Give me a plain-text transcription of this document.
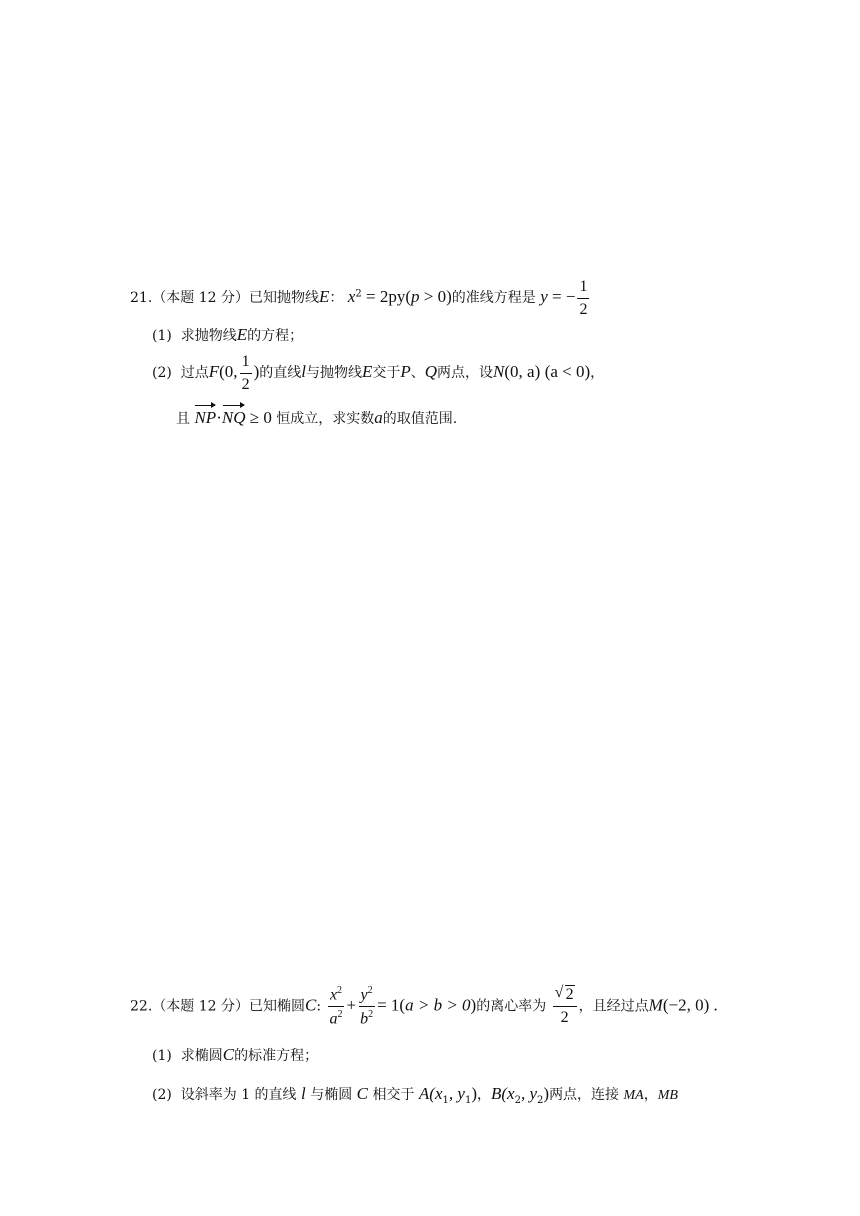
21.（本题 12 分）已知抛物线E： $x^2 = 2py(p > 0)$的准线方程是 y = − $\frac{1}{2}$
(1) 求抛物线E的方程；
(2) 过点F(0, $\frac{1}{2}$ )的直线l与抛物线E交于P、Q两点，设N(0, a) (a < 0)，
且 NP·NQ ≥ 0 恒成立，求实数a的取值范围.
22.（本题 12 分）已知椭圆C: $\frac{x^2}{a^2} + \frac{y^2}{b^2} = 1(a > b > 0)$的离心率为 $\frac{√ 2}{2}$ ，且经过点M(−2, 0) .
(1) 求椭圆C的标准方程；
(2) 设斜率为 1 的直线 l 与椭圆 C 相交于 $A(x_1$, $y_1$)，$B(x_2$, $y_2$)两点，连接 MA，MB
